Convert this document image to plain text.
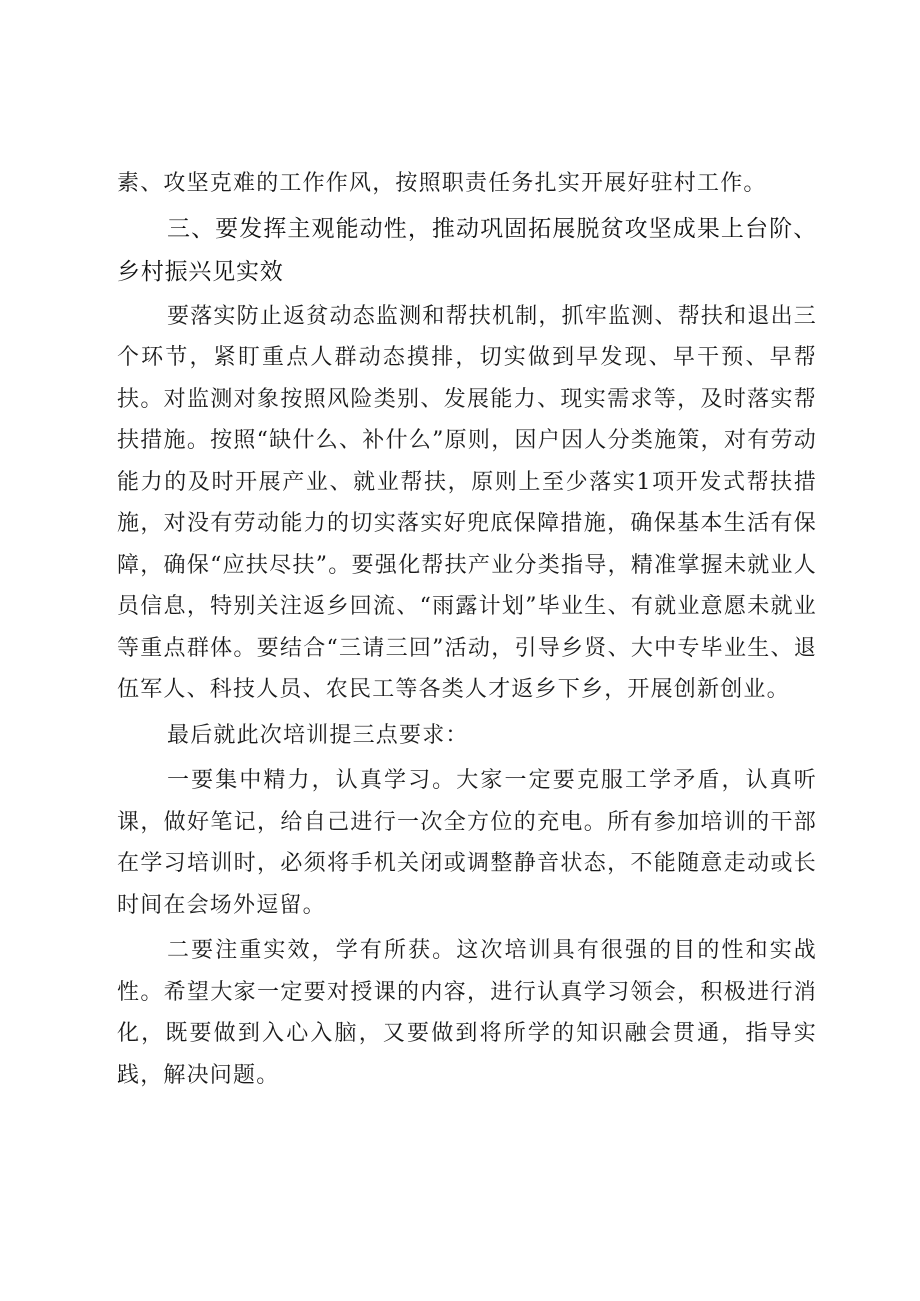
素、攻坚克难的工作作风，按照职责任务扎实开展好驻村工作。

三、要发挥主观能动性，推动巩固拓展脱贫攻坚成果上台阶、乡村振兴见实效

要落实防止返贫动态监测和帮扶机制，抓牢监测、帮扶和退出三个环节，紧盯重点人群动态摸排，切实做到早发现、早干预、早帮扶。对监测对象按照风险类别、发展能力、现实需求等，及时落实帮扶措施。按照“缺什么、补什么”原则，因户因人分类施策，对有劳动能力的及时开展产业、就业帮扶，原则上至少落实1项开发式帮扶措施，对没有劳动能力的切实落实好兜底保障措施，确保基本生活有保障，确保“应扶尽扶”。要强化帮扶产业分类指导，精准掌握未就业人员信息，特别关注返乡回流、“雨露计划”毕业生、有就业意愿未就业等重点群体。要结合“三请三回”活动，引导乡贤、大中专毕业生、退伍军人、科技人员、农民工等各类人才返乡下乡，开展创新创业。

最后就此次培训提三点要求：

一要集中精力，认真学习。大家一定要克服工学矛盾，认真听课，做好笔记，给自己进行一次全方位的充电。所有参加培训的干部在学习培训时，必须将手机关闭或调整静音状态，不能随意走动或长时间在会场外逗留。

二要注重实效，学有所获。这次培训具有很强的目的性和实战性。希望大家一定要对授课的内容，进行认真学习领会，积极进行消化，既要做到入心入脑，又要做到将所学的知识融会贯通，指导实践，解决问题。
